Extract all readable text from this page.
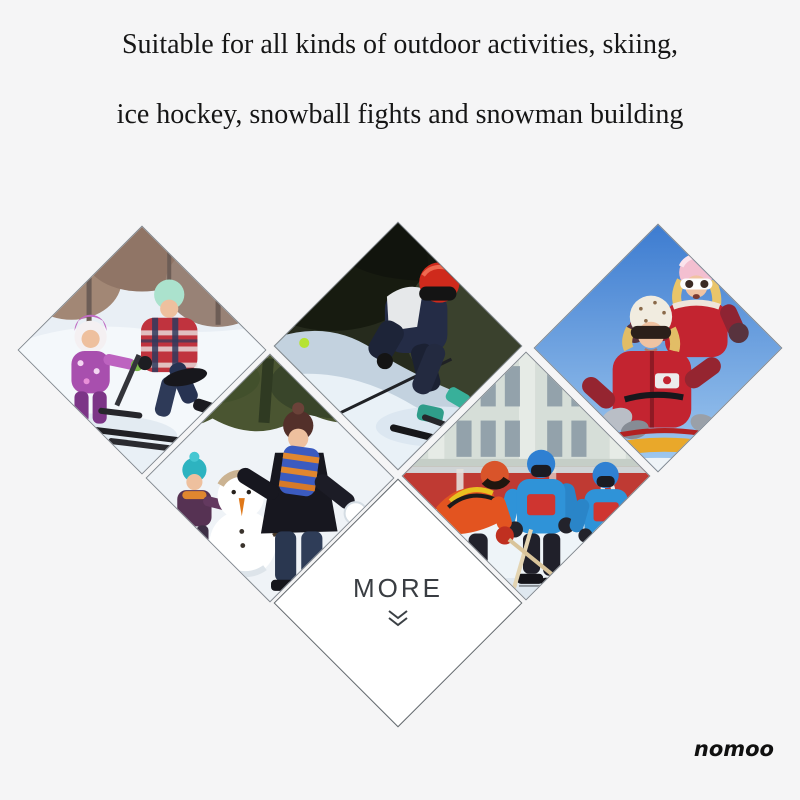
Suitable for all kinds of outdoor activities, skiing,
ice hockey, snowball fights and snowman building
MORE
nomoo
